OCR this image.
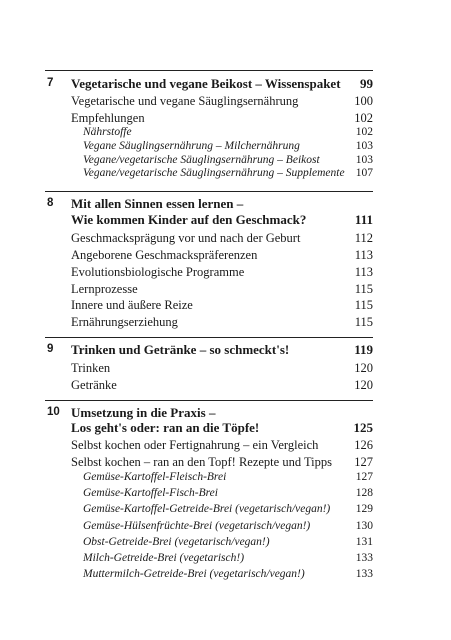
7 Vegetarische und vegane Beikost – Wissenspaket 99
Vegetarische und vegane Säuglingsernährung	100
Empfehlungen	102
Nährstoffe	102
Vegane Säuglingsernährung – Milchernährung	103
Vegane/vegetarische Säuglingsernährung – Beikost	103
Vegane/vegetarische Säuglingsernährung – Supplemente 107
8 Mit allen Sinnen essen lernen –
Wie kommen Kinder auf den Geschmack?	111
Geschmacksprägung vor und nach der Geburt	112
Angeborene Geschmackspräferenzen	113
Evolutionsbiologische Programme	113
Lernprozesse	115
Innere und äußere Reize	115
Ernährungserziehung	115
9 Trinken und Getränke – so schmeckt's!	119
Trinken	120
Getränke	120
10 Umsetzung in die Praxis –
Los geht's oder: ran an die Töpfe!	125
Selbst kochen oder Fertignahrung – ein Vergleich	126
Selbst kochen – ran an den Topf! Rezepte und Tipps 127
Gemüse-Kartoffel-Fleisch-Brei	127
Gemüse-Kartoffel-Fisch-Brei	128
Gemüse-Kartoffel-Getreide-Brei (vegetarisch/vegan!) 129
Gemüse-Hülsenfrüchte-Brei (vegetarisch/vegan!)	130
Obst-Getreide-Brei (vegetarisch/vegan!)	131
Milch-Getreide-Brei (vegetarisch!)	133
Muttermilch-Getreide-Brei (vegetarisch/vegan!)	133
